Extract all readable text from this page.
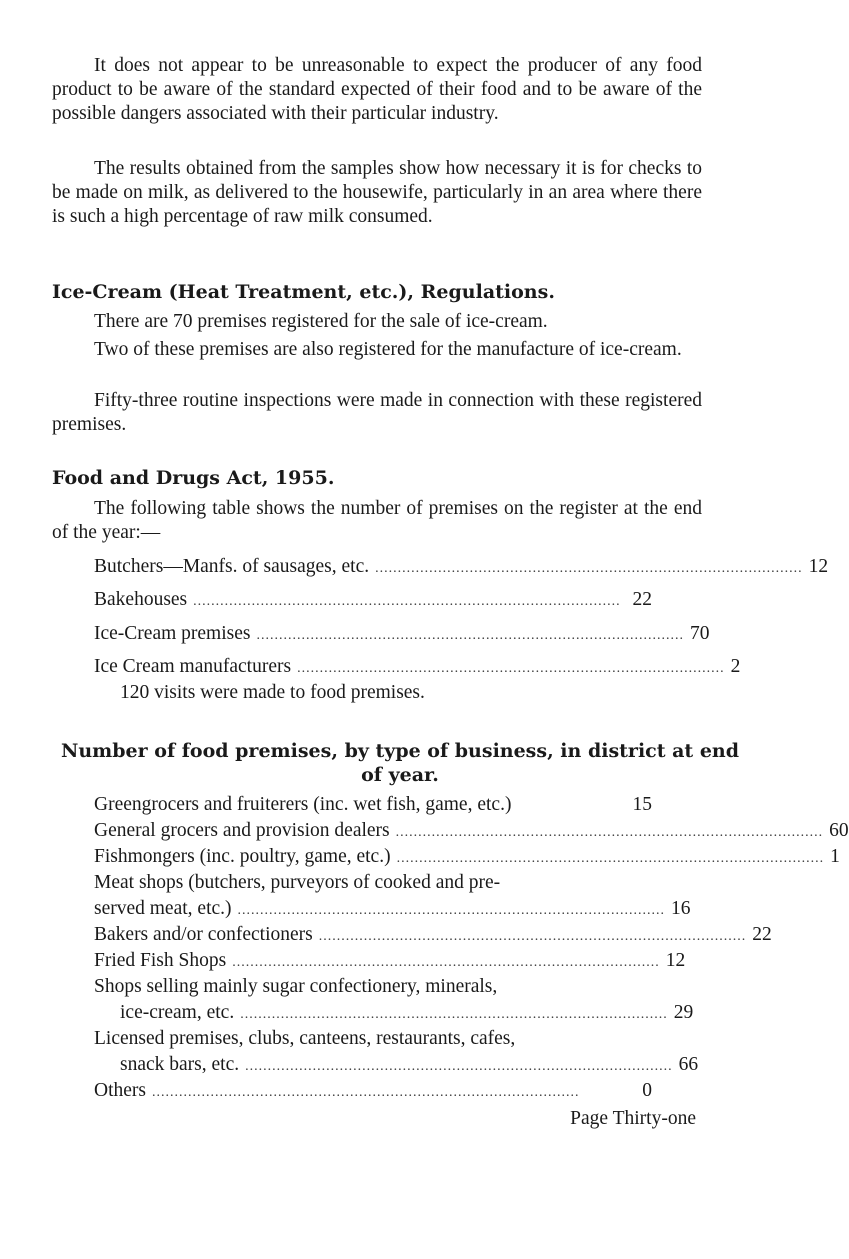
It does not appear to be unreasonable to expect the producer of any food product to be aware of the standard expected of their food and to be aware of the possible dangers associated with their particular industry.

The results obtained from the samples show how necessary it is for checks to be made on milk, as delivered to the housewife, particularly in an area where there is such a high percentage of raw milk consumed.

Ice-Cream (Heat Treatment, etc.), Regulations.

There are 70 premises registered for the sale of ice-cream.

Two of these premises are also registered for the manufacture of ice-cream.

Fifty-three routine inspections were made in connection with these registered premises.

Food and Drugs Act, 1955.

The following table shows the number of premises on the register at the end of the year:—

Butchers—Manfs. of sausages, etc. ............................................................................................... 12
Bakehouses ............................................................................................... 22
Ice-Cream premises ............................................................................................... 70
Ice Cream manufacturers ............................................................................................... 2
120 visits were made to food premises.
Number of food premises, by type of business, in district at end
of year.
Greengrocers and fruiterers (inc. wet fish, game, etc.)	15
General grocers and provision dealers ............................................................................................... 60
Fishmongers (inc. poultry, game, etc.) ............................................................................................... 1
Meat shops (butchers, purveyors of cooked and pre-
served meat, etc.) ............................................................................................... 16
Bakers and/or confectioners ............................................................................................... 22
Fried Fish Shops ............................................................................................... 12
Shops selling mainly sugar confectionery, minerals,
ice-cream, etc. ............................................................................................... 29
Licensed premises, clubs, canteens, restaurants, cafes,
snack bars, etc. ............................................................................................... 66
Others ...............................................................................................	0
Page Thirty-one
